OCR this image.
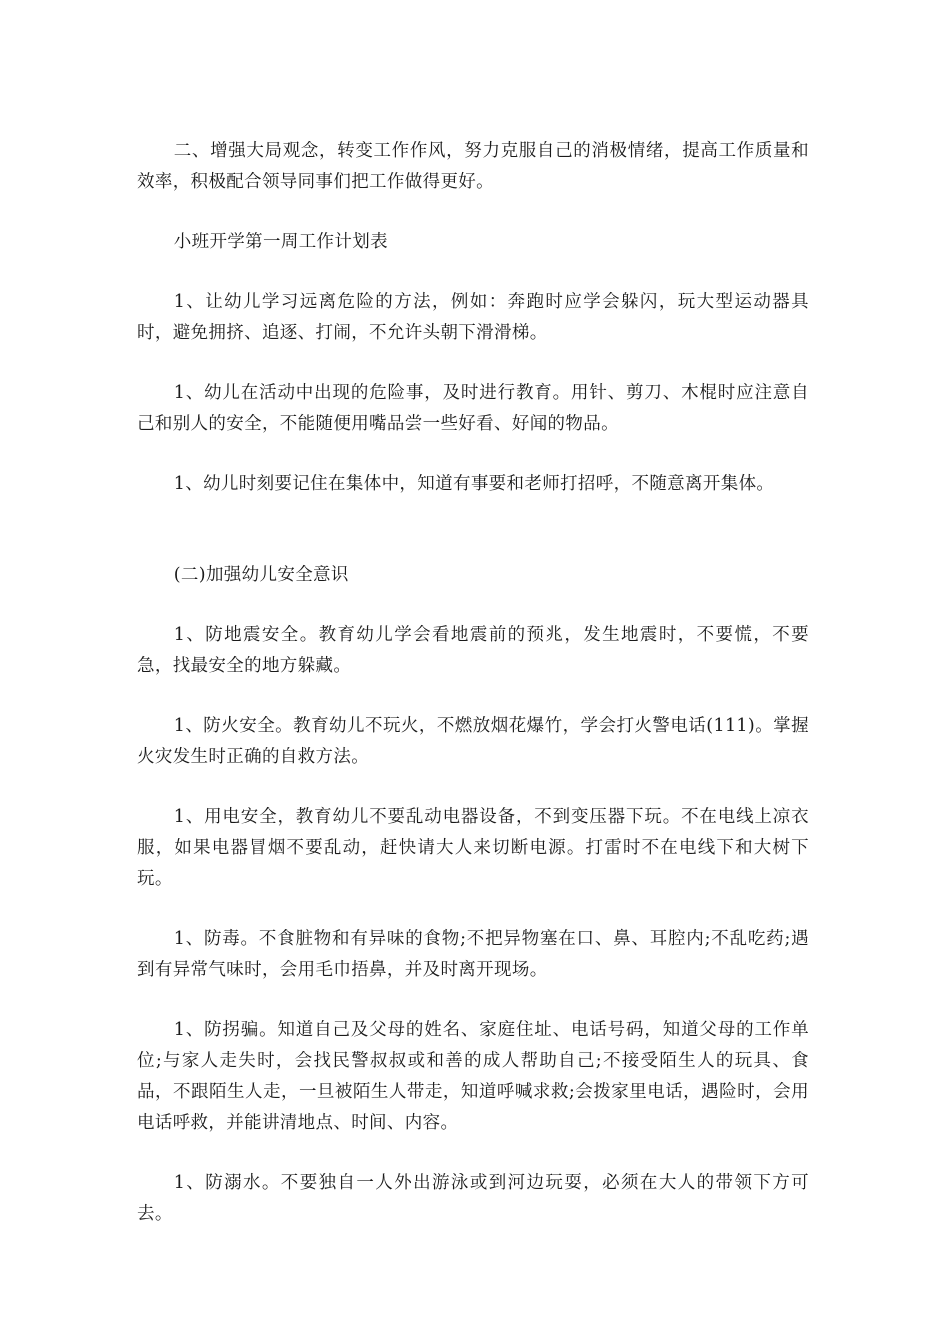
二、增强大局观念，转变工作作风，努力克服自己的消极情绪，提高工作质量和效率，积极配合领导同事们把工作做得更好。

小班开学第一周工作计划表

1、让幼儿学习远离危险的方法，例如：奔跑时应学会躲闪，玩大型运动器具时，避免拥挤、追逐、打闹，不允许头朝下滑滑梯。

1、幼儿在活动中出现的危险事，及时进行教育。用针、剪刀、木棍时应注意自己和别人的安全，不能随便用嘴品尝一些好看、好闻的物品。

1、幼儿时刻要记住在集体中，知道有事要和老师打招呼，不随意离开集体。

(二)加强幼儿安全意识

1、防地震安全。教育幼儿学会看地震前的预兆，发生地震时，不要慌，不要急，找最安全的地方躲藏。

1、防火安全。教育幼儿不玩火，不燃放烟花爆竹，学会打火警电话(111)。掌握火灾发生时正确的自救方法。

1、用电安全，教育幼儿不要乱动电器设备，不到变压器下玩。不在电线上凉衣服，如果电器冒烟不要乱动，赶快请大人来切断电源。打雷时不在电线下和大树下玩。

1、防毒。不食脏物和有异味的食物;不把异物塞在口、鼻、耳腔内;不乱吃药;遇到有异常气味时，会用毛巾捂鼻，并及时离开现场。

1、防拐骗。知道自己及父母的姓名、家庭住址、电话号码，知道父母的工作单位;与家人走失时，会找民警叔叔或和善的成人帮助自己;不接受陌生人的玩具、食品，不跟陌生人走，一旦被陌生人带走，知道呼喊求救;会拨家里电话，遇险时，会用电话呼救，并能讲清地点、时间、内容。

1、防溺水。不要独自一人外出游泳或到河边玩耍，必须在大人的带领下方可去。
